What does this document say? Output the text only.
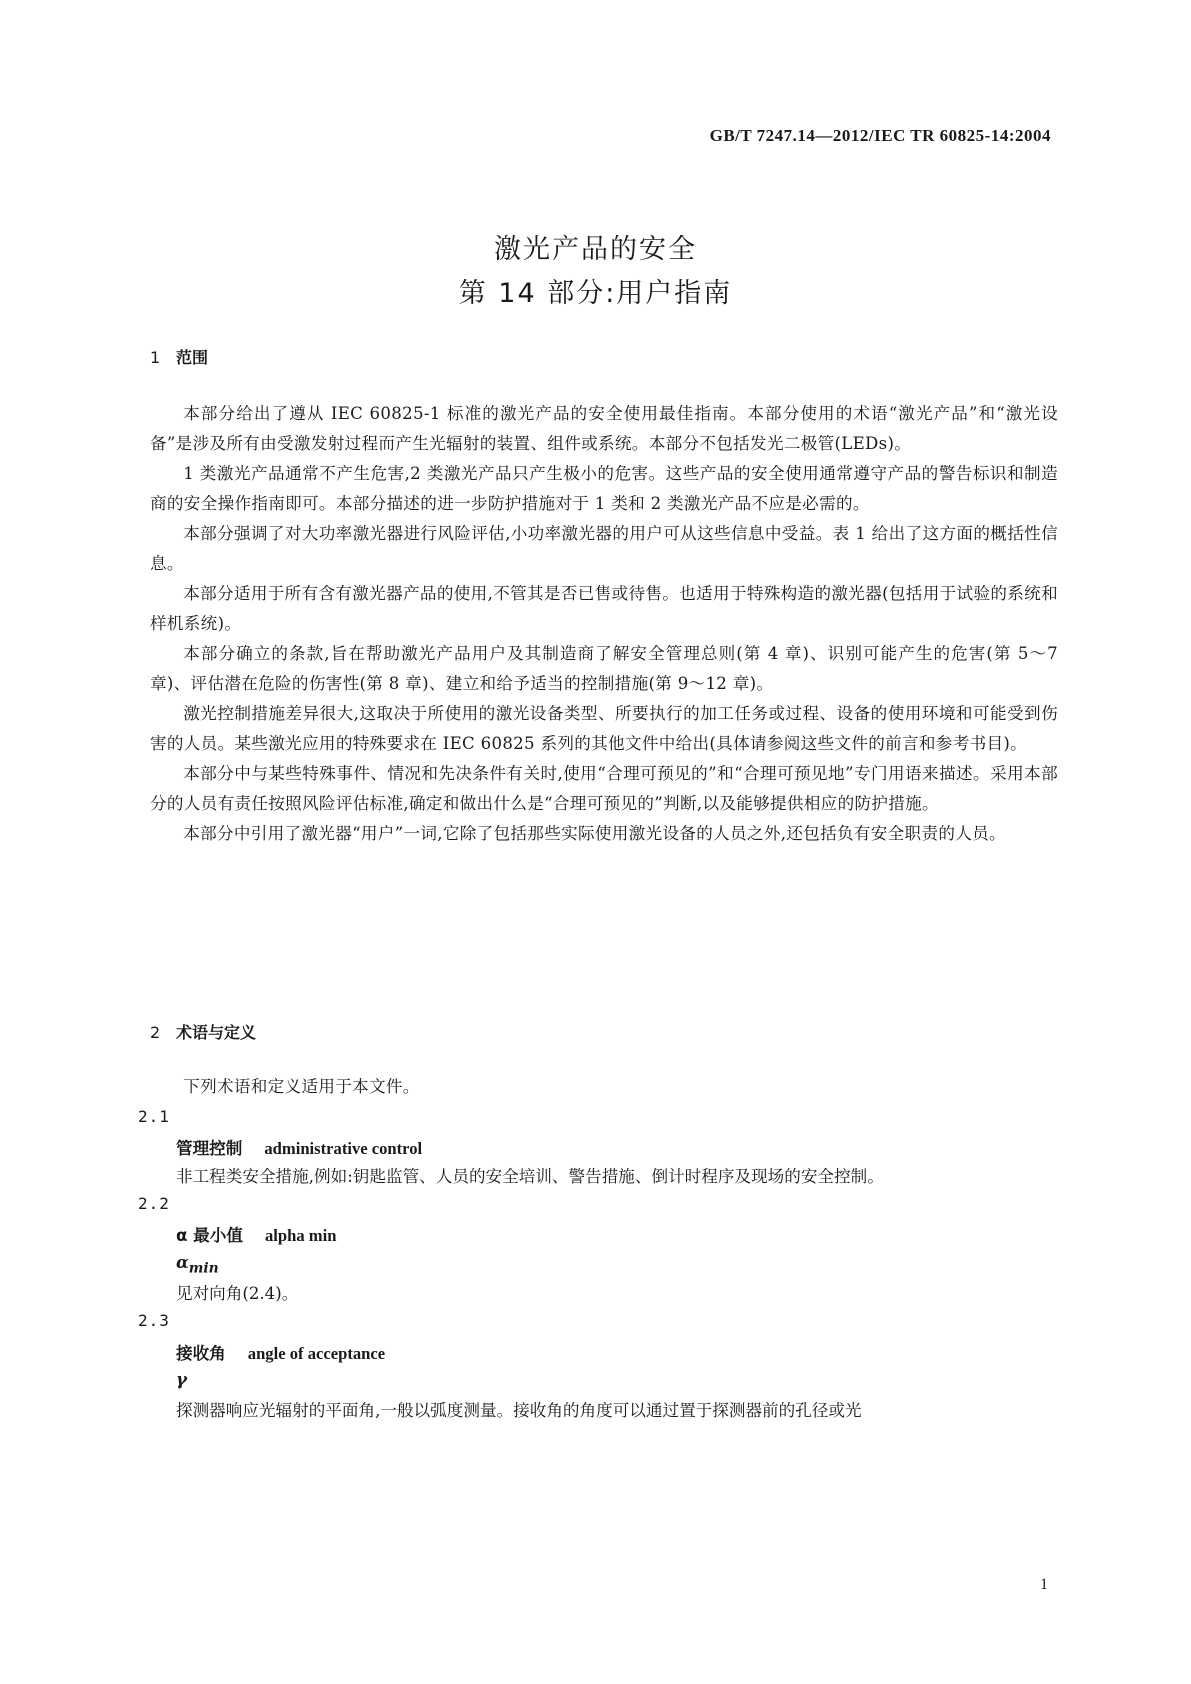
GB/T 7247.14—2012/IEC TR 60825-14:2004
激光产品的安全
第 14 部分:用户指南
1 范围

本部分给出了遵从 IEC 60825-1 标准的激光产品的安全使用最佳指南。本部分使用的术语“激光产品”和“激光设备”是涉及所有由受激发射过程而产生光辐射的装置、组件或系统。本部分不包括发光二极管(LEDs)。

1 类激光产品通常不产生危害,2 类激光产品只产生极小的危害。这些产品的安全使用通常遵守产品的警告标识和制造商的安全操作指南即可。本部分描述的进一步防护措施对于 1 类和 2 类激光产品不应是必需的。

本部分强调了对大功率激光器进行风险评估,小功率激光器的用户可从这些信息中受益。表 1 给出了这方面的概括性信息。

本部分适用于所有含有激光器产品的使用,不管其是否已售或待售。也适用于特殊构造的激光器(包括用于试验的系统和样机系统)。

本部分确立的条款,旨在帮助激光产品用户及其制造商了解安全管理总则(第 4 章)、识别可能产生的危害(第 5～7 章)、评估潜在危险的伤害性(第 8 章)、建立和给予适当的控制措施(第 9～12 章)。

激光控制措施差异很大,这取决于所使用的激光设备类型、所要执行的加工任务或过程、设备的使用环境和可能受到伤害的人员。某些激光应用的特殊要求在 IEC 60825 系列的其他文件中给出(具体请参阅这些文件的前言和参考书目)。

本部分中与某些特殊事件、情况和先决条件有关时,使用“合理可预见的”和“合理可预见地”专门用语来描述。采用本部分的人员有责任按照风险评估标准,确定和做出什么是“合理可预见的”判断,以及能够提供相应的防护措施。

本部分中引用了激光器“用户”一词,它除了包括那些实际使用激光设备的人员之外,还包括负有安全职责的人员。

2 术语与定义

下列术语和定义适用于本文件。

2.1
管理控制 administrative control
非工程类安全措施,例如:钥匙监管、人员的安全培训、警告措施、倒计时程序及现场的安全控制。
2.2
α 最小值 alpha min
$\alpha_{min}$
见对向角(2.4)。
2.3
接收角 angle of acceptance
γ
探测器响应光辐射的平面角,一般以弧度测量。接收角的角度可以通过置于探测器前的孔径或光
1
